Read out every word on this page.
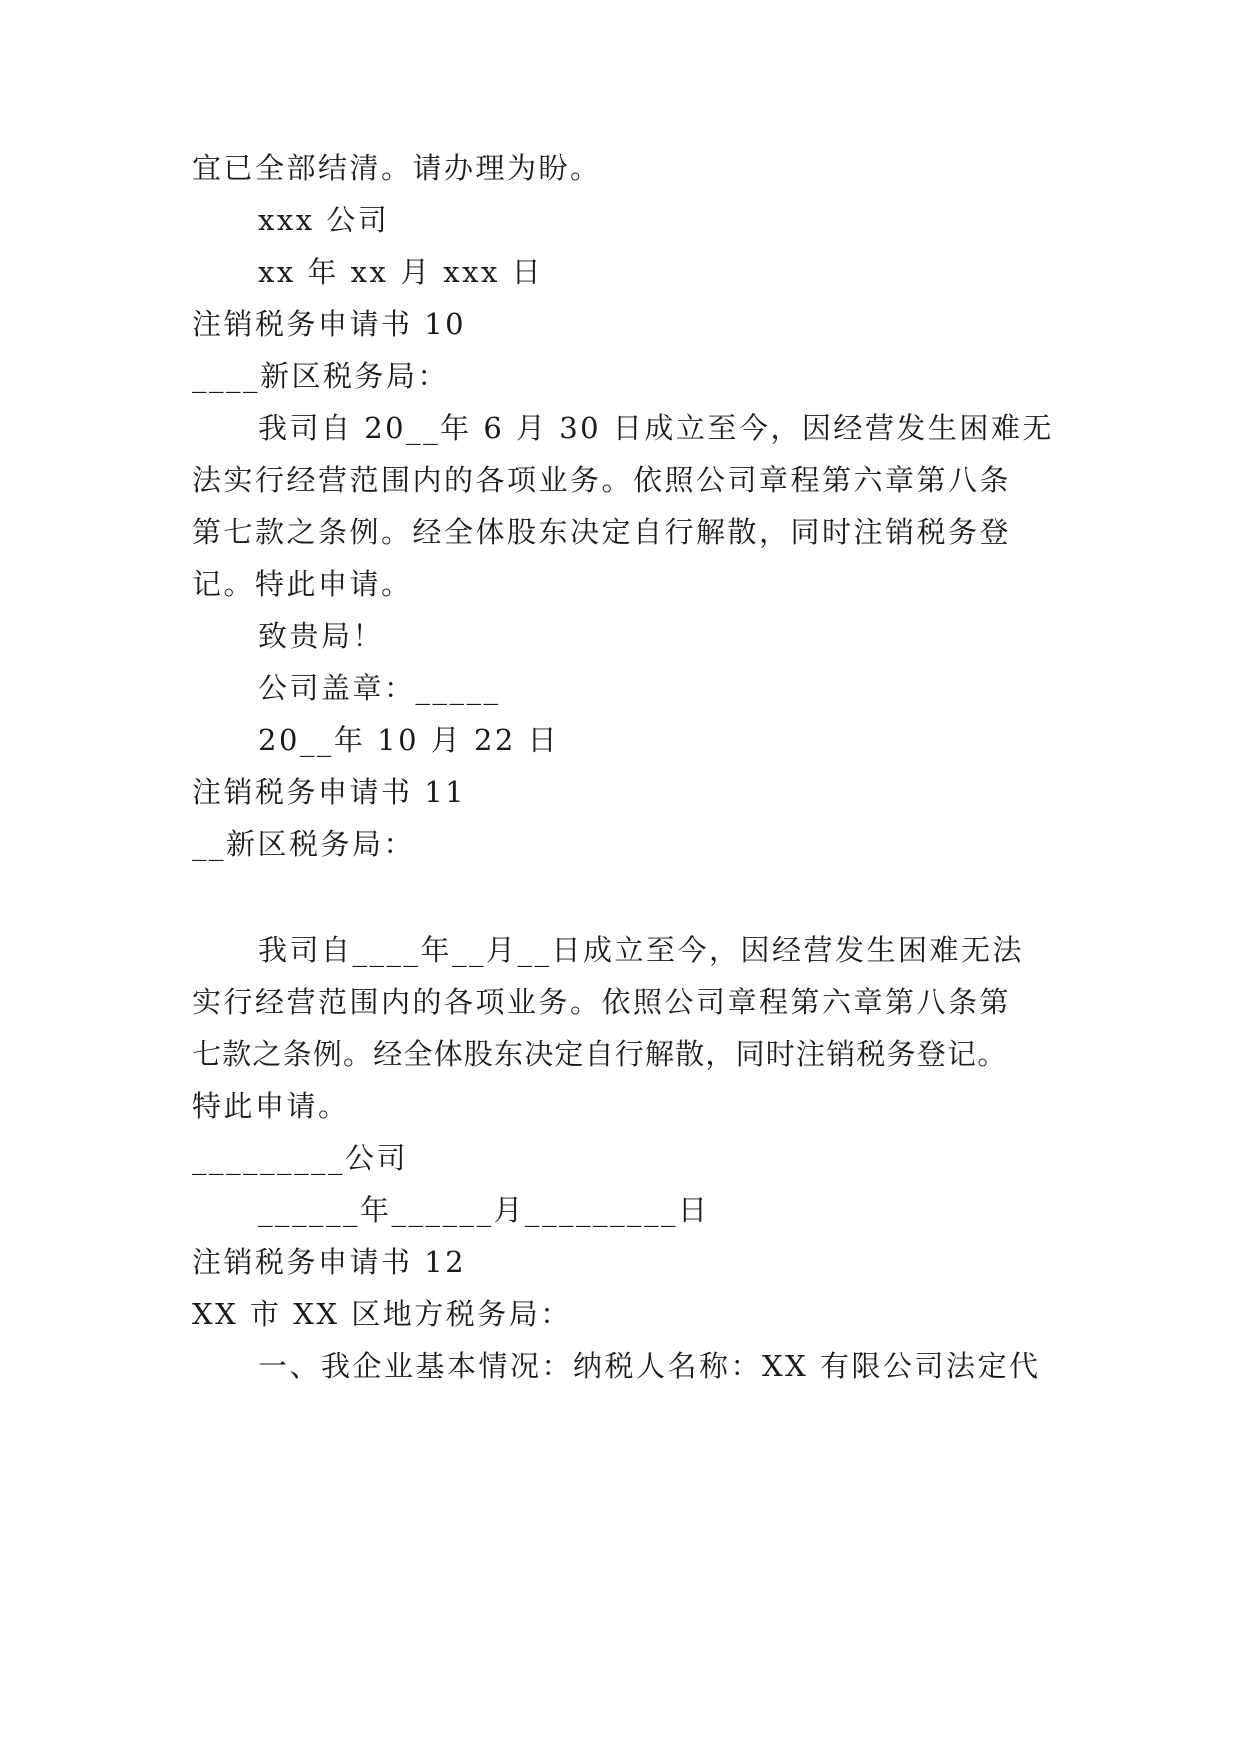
宜已全部结清。请办理为盼。
xxx 公司
xx 年 xx 月 xxx 日
注销税务申请书 10
____新区税务局：
我司自 20__年 6 月 30 日成立至今，因经营发生困难无
法实行经营范围内的各项业务。依照公司章程第六章第八条
第七款之条例。经全体股东决定自行解散，同时注销税务登
记。特此申请。
致贵局！
公司盖章：_____
20__年 10 月 22 日
注销税务申请书 11
__新区税务局：
我司自____年__月__日成立至今，因经营发生困难无法
实行经营范围内的各项业务。依照公司章程第六章第八条第
七款之条例。经全体股东决定自行解散，同时注销税务登记。
特此申请。
_________公司
______年______月_________日
注销税务申请书 12
XX 市 XX 区地方税务局：
一、我企业基本情况：纳税人名称：XX 有限公司法定代
